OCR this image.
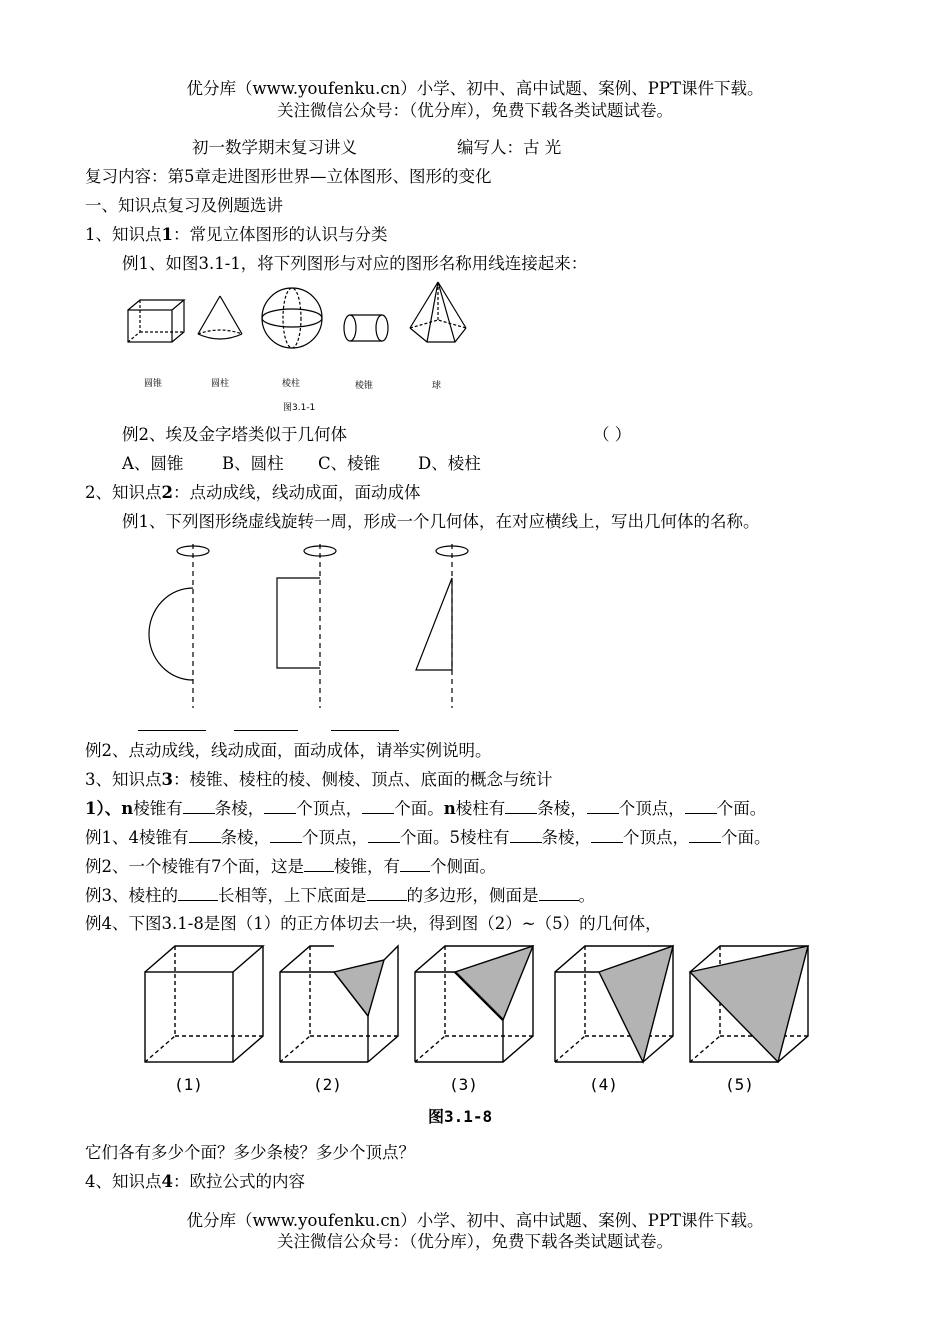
优分库（www.youfenku.cn）小学、初中、高中试题、案例、PPT课件下载。
关注微信公众号：（优分库），免费下载各类试题试卷。
初一数学期末复习讲义	编写人：古 光
复习内容：第5章走进图形世界—立体图形、图形的变化
一、知识点复习及例题选讲
1、知识点1：常见立体图形的认识与分类
例1、如图3.1-1，将下列图形与对应的图形名称用线连接起来：
圆锥	圆柱	棱柱	棱锥	球
图3.1-1
例2、埃及金字塔类似于几何体	（ ）
A、圆锥 B、圆柱 C、棱锥 D、棱柱
2、知识点2：点动成线，线动成面，面动成体
例1、下列图形绕虚线旋转一周，形成一个几何体，在对应横线上，写出几何体的名称。
例2、点动成线，线动成面，面动成体，请举实例说明。
3、知识点3：棱锥、棱柱的棱、侧棱、顶点、底面的概念与统计
1）、n棱锥有 条棱， 个顶点， 个面。n棱柱有 条棱， 个顶点， 个面。
例1、4棱锥有 条棱， 个顶点， 个面。5棱柱有 条棱， 个顶点， 个面。
例2、一个棱锥有7个面，这是 棱锥，有 个侧面。
例3、棱柱的 长相等，上下底面是 的多边形，侧面是 。
例4、下图3.1-8是图（1）的正方体切去一块，得到图（2）~（5）的几何体，
(1)	(2)	(3)	(4)	(5)
图3.1-8
它们各有多少个面？多少条棱？多少个顶点？
4、知识点4：欧拉公式的内容
优分库（www.youfenku.cn）小学、初中、高中试题、案例、PPT课件下载。
关注微信公众号：（优分库），免费下载各类试题试卷。
